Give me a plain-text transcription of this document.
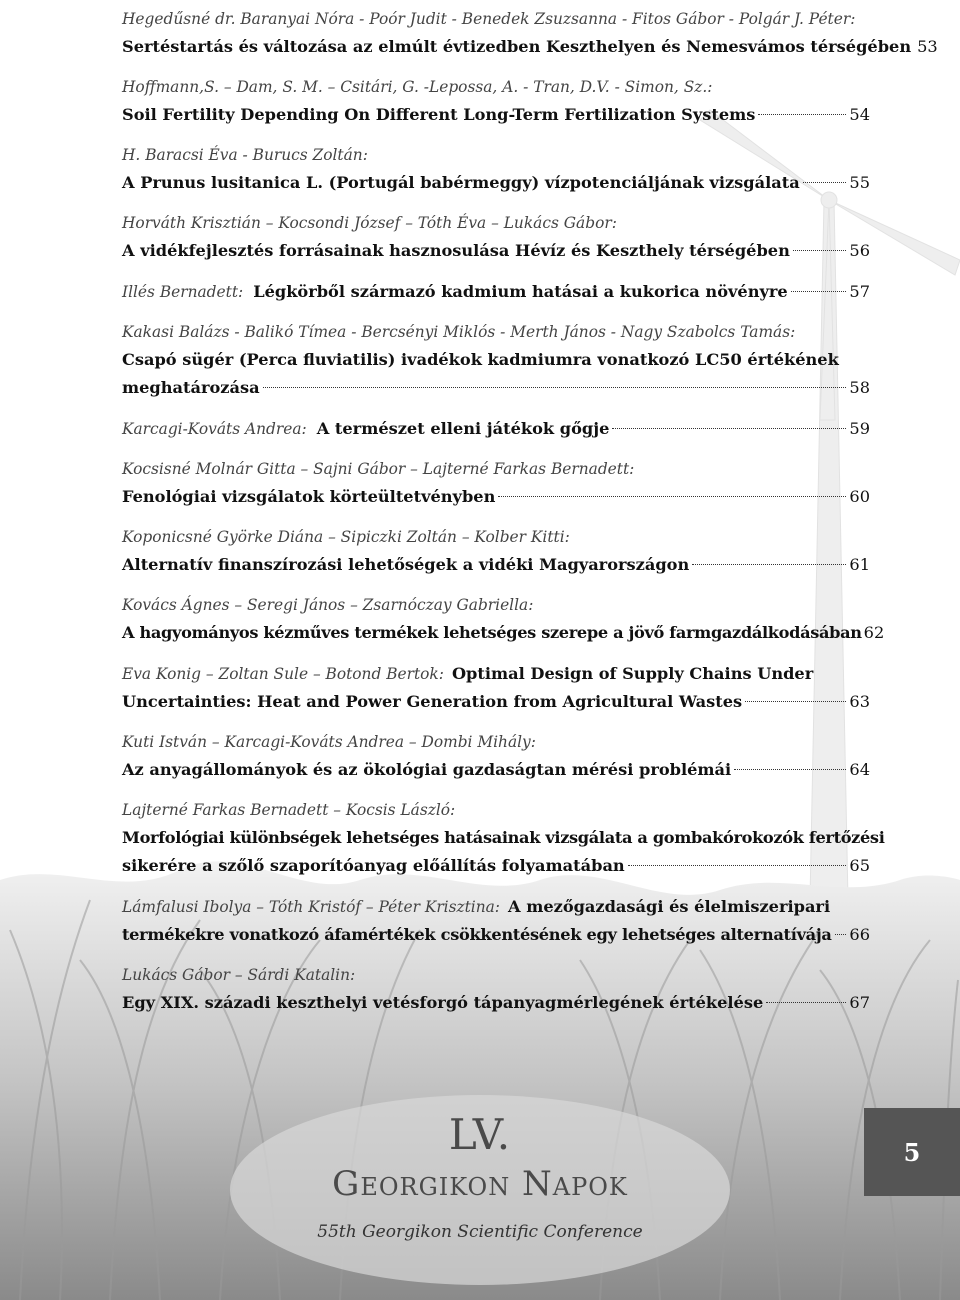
Hegedűsné dr. Baranyai Nóra - Poór Judit - Benedek Zsuzsanna - Fitos Gábor - Polgár J. Péter:
Sertéstartás és változása az elmúlt évtizedben Keszthelyen és Nemesvámos térségében 53
Hoffmann,S. – Dam, S. M. – Csitári, G. -Lepossa, A. - Tran, D.V. - Simon, Sz.:
Soil Fertility Depending On Different Long-Term Fertilization Systems	54
H. Baracsi Éva - Burucs Zoltán:
A Prunus lusitanica L. (Portugál babérmeggy) vízpotenciáljának vizsgálata	55
Horváth Krisztián – Kocsondi József – Tóth Éva – Lukács Gábor:
A vidékfejlesztés forrásainak hasznosulása Hévíz és Keszthely térségében	56
Illés Bernadett: Légkörből származó kadmium hatásai a kukorica növényre	57
Kakasi Balázs - Balikó Tímea - Bercsényi Miklós - Merth János - Nagy Szabolcs Tamás:
Csapó sügér (Perca fluviatilis) ivadékok kadmiumra vonatkozó LC50 értékének
meghatározása	58
Karcagi-Kováts Andrea: A természet elleni játékok gőgje	59
Kocsisné Molnár Gitta – Sajni Gábor – Lajterné Farkas Bernadett:
Fenológiai vizsgálatok körteültetvényben	60
Koponicsné Györke Diána – Sipiczki Zoltán – Kolber Kitti:
Alternatív finanszírozási lehetőségek a vidéki Magyarországon	61
Kovács Ágnes – Seregi János – Zsarnóczay Gabriella:
A hagyományos kézműves termékek lehetséges szerepe a jövő farmgazdálkodásában 62
Eva Konig – Zoltan Sule – Botond Bertok: Optimal Design of Supply Chains Under
Uncertainties: Heat and Power Generation from Agricultural Wastes	63
Kuti István – Karcagi-Kováts Andrea – Dombi Mihály:
Az anyagállományok és az ökológiai gazdaságtan mérési problémái	64
Lajterné Farkas Bernadett – Kocsis László:
Morfológiai különbségek lehetséges hatásainak vizsgálata a gombakórokozók fertőzési
sikerére a szőlő szaporítóanyag előállítás folyamatában	65
Lámfalusi Ibolya – Tóth Kristóf – Péter Krisztina: A mezőgazdasági és élelmiszeripari
termékekre vonatkozó áfamértékek csökkentésének egy lehetséges alternatívája 66
Lukács Gábor – Sárdi Katalin:
Egy XIX. századi keszthelyi vetésforgó tápanyagmérlegének értékelése	67
LV.
Georgikon Napok
55th Georgikon Scientific Conference
5
